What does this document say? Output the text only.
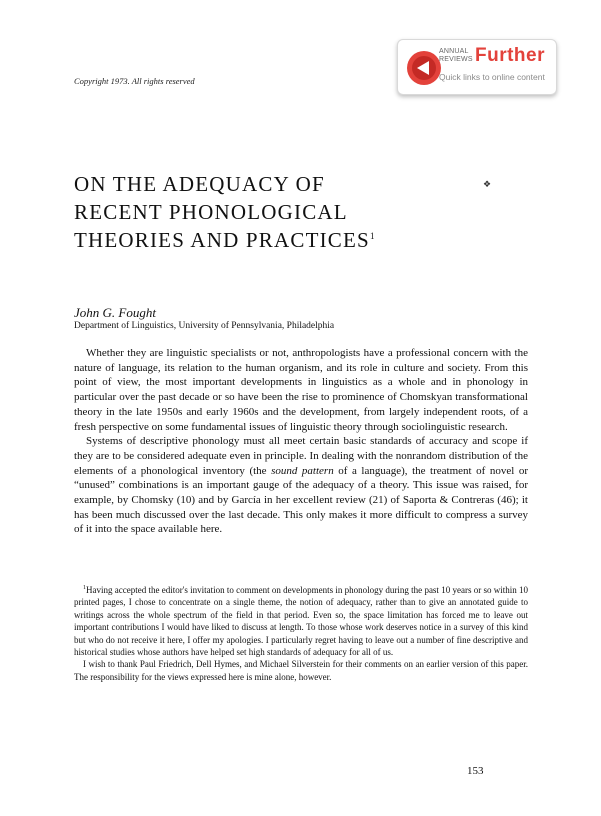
Copyright 1973. All rights reserved
ANNUAL
REVIEWS Further
Quick links to online content
❖
ON THE ADEQUACY OF
RECENT PHONOLOGICAL
THEORIES AND PRACTICES$^1$
John G. Fought
Department of Linguistics, University of Pennsylvania, Philadelphia

Whether they are linguistic specialists or not, anthropologists have a professional concern with the nature of language, its relation to the human organism, and its role in culture and society. From this point of view, the most important developments in linguistics as a whole and in phonology in particular over the past decade or so have been the rise to prominence of Chomskyan transformational theory in the late 1950s and early 1960s and the development, from largely independent roots, of a fresh perspective on some fundamental issues of linguistic theory through sociolinguistic research.

Systems of descriptive phonology must all meet certain basic standards of accuracy and scope if they are to be considered adequate even in principle. In dealing with the nonrandom distribution of the elements of a phonological inventory (the sound pattern of a language), the treatment of novel or “unused” combinations is an important gauge of the adequacy of a theory. This issue was raised, for example, by Chomsky (10) and by García in her excellent review (21) of Saporta & Contreras (46); it has been much discussed over the last decade. This only makes it more difficult to compress a survey of it into the space available here.

$^1$Having accepted the editor's invitation to comment on developments in phonology during the past 10 years or so within 10 printed pages, I chose to concentrate on a single theme, the notion of adequacy, rather than to give an annotated guide to writings across the whole spectrum of the field in that period. Even so, the space limitation has forced me to leave out important contributions I would have liked to discuss at length. To those whose work deserves notice in a survey of this kind but who do not receive it here, I offer my apologies. I particularly regret having to leave out a number of fine descriptive and historical studies whose authors have helped set high standards of adequacy for all of us.

I wish to thank Paul Friedrich, Dell Hymes, and Michael Silverstein for their comments on an earlier version of this paper. The responsibility for the views expressed here is mine alone, however.

153
